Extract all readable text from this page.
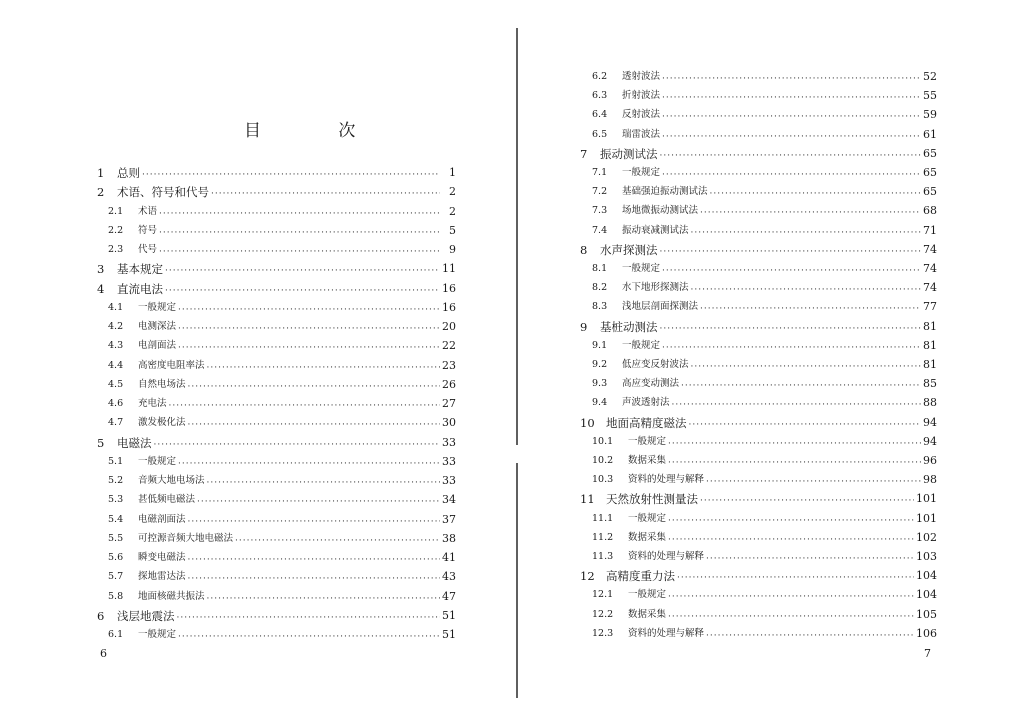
目 次
1	总则 ·····	1
2	术语、符号和代号 ·····	2
2.1	术语 ·····	2
2.2	符号 ·····	5
2.3	代号 ·····	9
3	基本规定 ·····	11
4	直流电法 ·····	16
4.1	一般规定 ·····	16
4.2	电测深法 ·····	20
4.3	电剖面法 ·····	22
4.4	高密度电阻率法 ·····	23
4.5	自然电场法 ·····	26
4.6	充电法 ·····	27
4.7	激发极化法 ·····	30
5	电磁法 ·····	33
5.1	一般规定 ·····	33
5.2	音频大地电场法 ·····	33
5.3	甚低频电磁法 ·····	34
5.4	电磁剖面法 ·····	37
5.5	可控源音频大地电磁法 ·····	38
5.6	瞬变电磁法 ·····	41
5.7	探地雷达法 ·····	43
5.8	地面核磁共振法 ·····	47
6	浅层地震法 ·····	51
6.1	一般规定 ·····	51
6
6.2	透射波法 ·····	52
6.3	折射波法 ·····	55
6.4	反射波法 ·····	59
6.5	瑞雷波法 ·····	61
7	振动测试法 ·····	65
7.1	一般规定 ·····	65
7.2	基础强迫振动测试法 ·····	65
7.3	场地微振动测试法 ·····	68
7.4	振动衰减测试法 ·····	71
8	水声探测法 ·····	74
8.1	一般规定 ·····	74
8.2	水下地形探测法 ·····	74
8.3	浅地层剖面探测法 ·····	77
9	基桩动测法 ·····	81
9.1	一般规定 ·····	81
9.2	低应变反射波法 ·····	81
9.3	高应变动测法 ·····	85
9.4	声波透射法 ·····	88
10 地面高精度磁法 ·····	94
10.1	一般规定 ·····	94
10.2	数据采集 ·····	96
10.3	资料的处理与解释 ·····	98
11 天然放射性测量法 ·····	101
11.1	一般规定 ·····	101
11.2	数据采集 ·····	102
11.3	资料的处理与解释 ·····	103
12 高精度重力法 ·····	104
12.1	一般规定 ·····	104
12.2	数据采集 ·····	105
12.3	资料的处理与解释 ·····	106
7
